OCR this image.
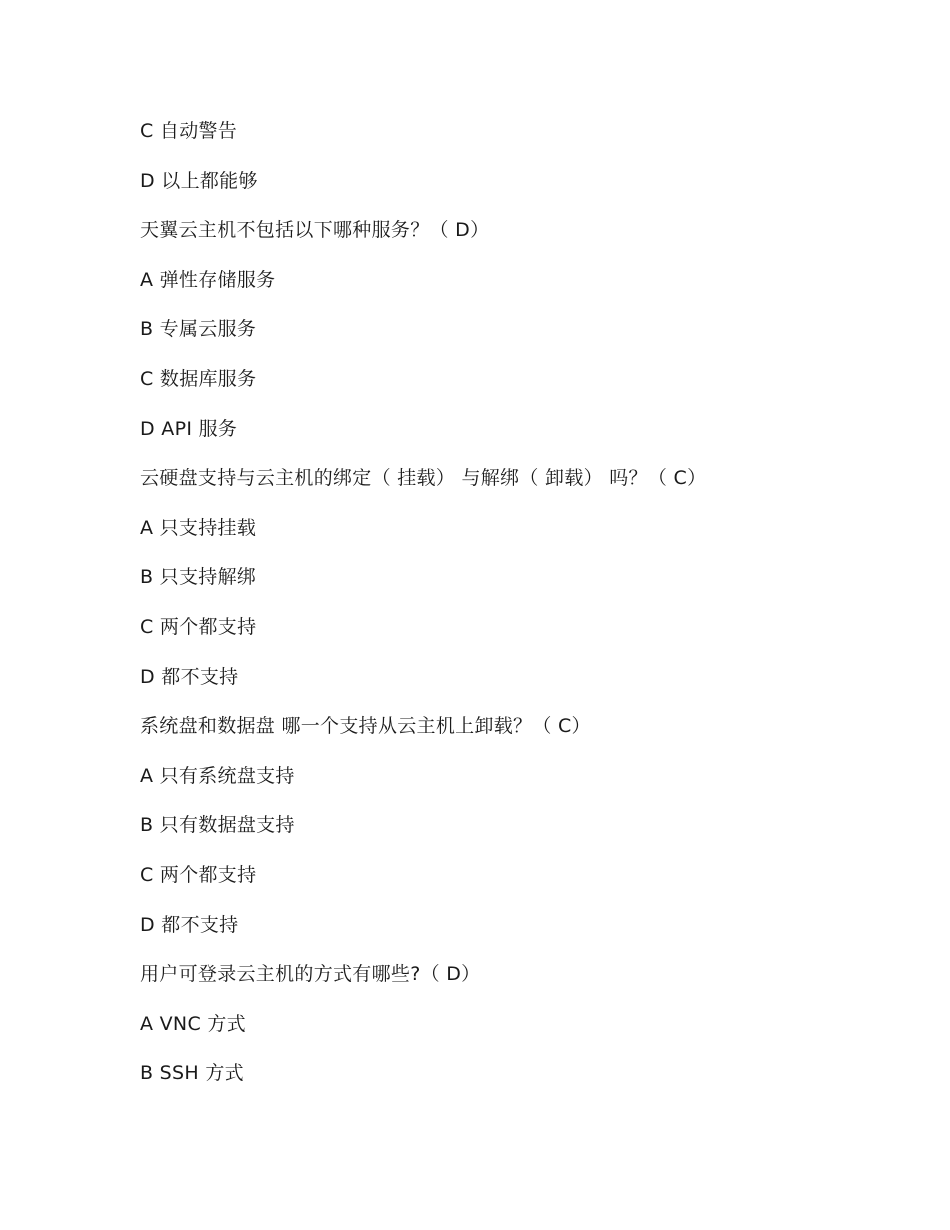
C 自动警告
D 以上都能够
天翼云主机不包括以下哪种服务？（ D）
A 弹性存储服务
B 专属云服务
C 数据库服务
D API 服务
云硬盘支持与云主机的绑定（ 挂载） 与解绑（ 卸载） 吗？（ C）
A 只支持挂载
B 只支持解绑
C 两个都支持
D 都不支持
系统盘和数据盘 哪一个支持从云主机上卸载？（ C）
A 只有系统盘支持
B 只有数据盘支持
C 两个都支持
D 都不支持
用户可登录云主机的方式有哪些?（ D）
A VNC 方式
B SSH 方式
